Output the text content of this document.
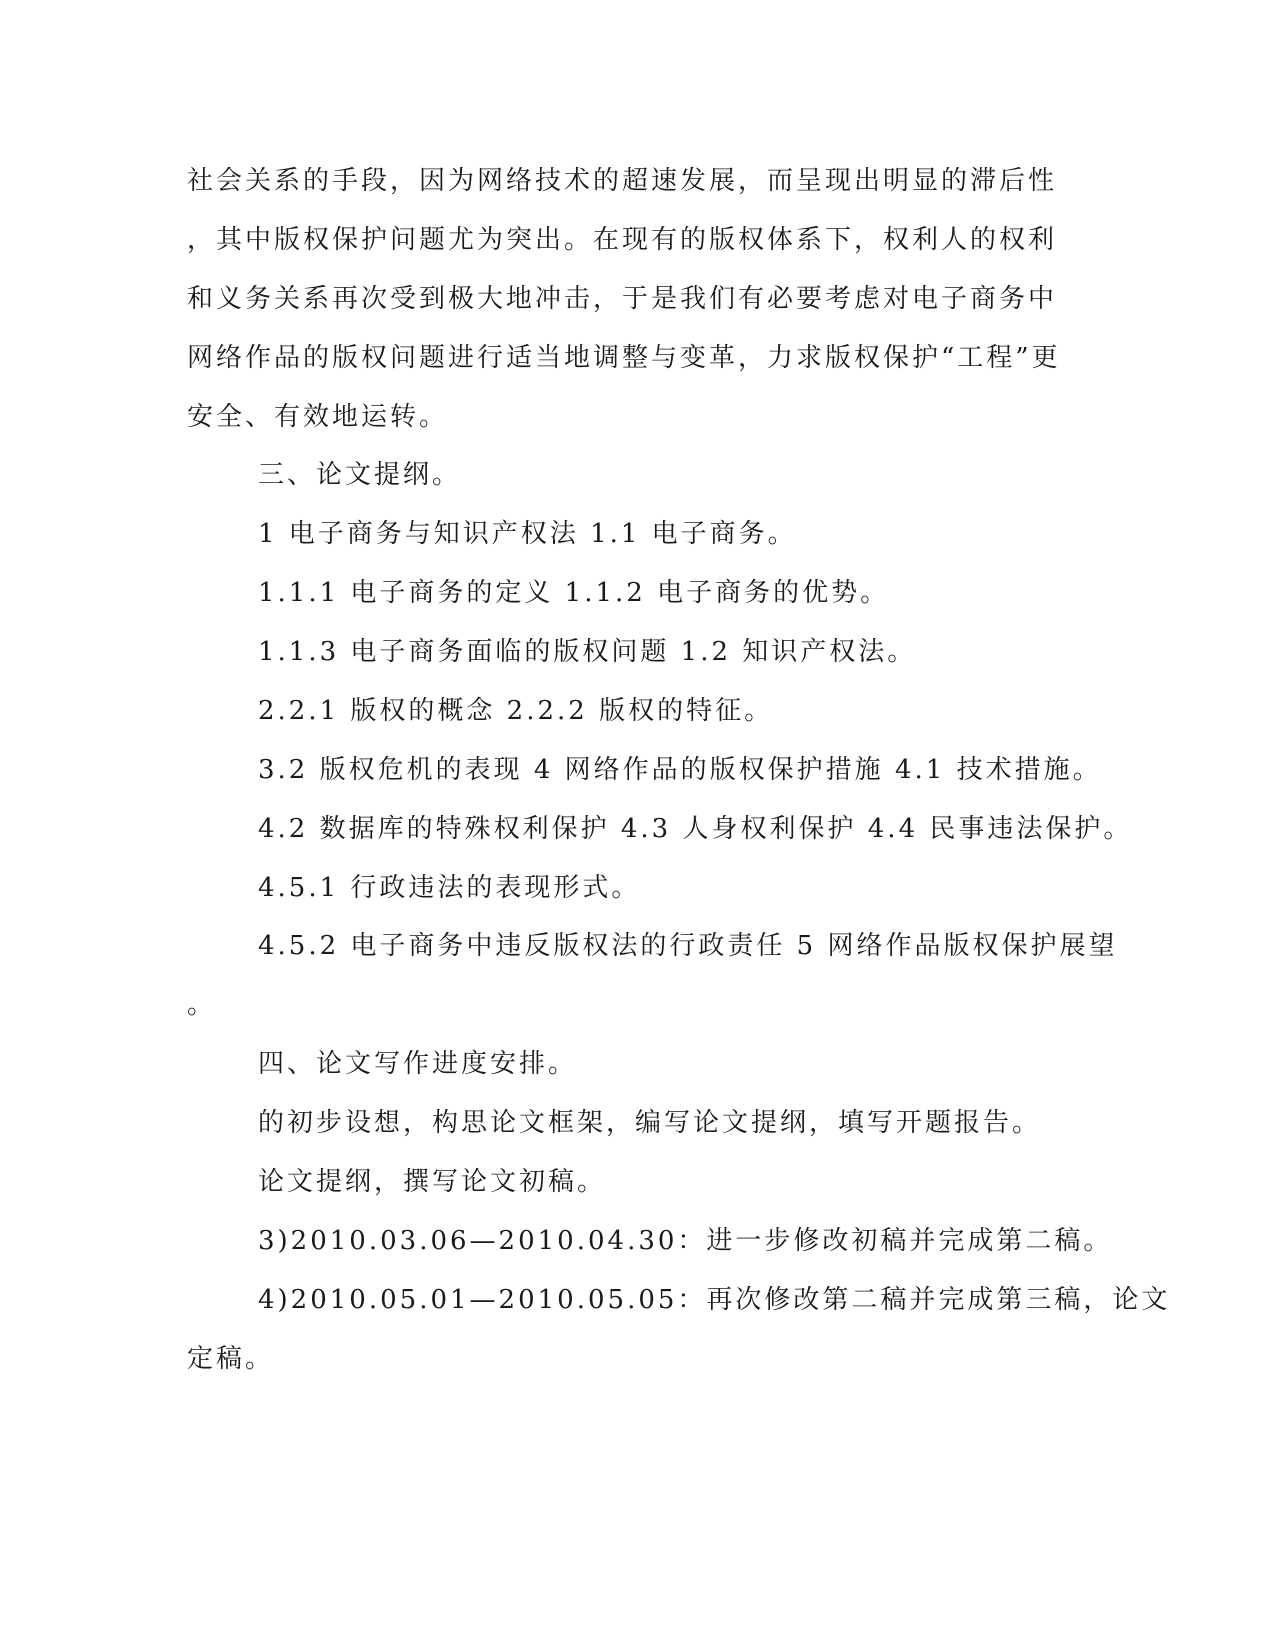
社会关系的手段，因为网络技术的超速发展，而呈现出明显的滞后性
，其中版权保护问题尤为突出。在现有的版权体系下，权利人的权利
和义务关系再次受到极大地冲击，于是我们有必要考虑对电子商务中
网络作品的版权问题进行适当地调整与变革，力求版权保护“工程”更
安全、有效地运转。
三、论文提纲。
1 电子商务与知识产权法 1.1 电子商务。
1.1.1 电子商务的定义 1.1.2 电子商务的优势。
1.1.3 电子商务面临的版权问题 1.2 知识产权法。
2.2.1 版权的概念 2.2.2 版权的特征。
3.2 版权危机的表现 4 网络作品的版权保护措施 4.1 技术措施。
4.2 数据库的特殊权利保护 4.3 人身权利保护 4.4 民事违法保护。
4.5.1 行政违法的表现形式。
4.5.2 电子商务中违反版权法的行政责任 5 网络作品版权保护展望
。
四、论文写作进度安排。
的初步设想，构思论文框架，编写论文提纲，填写开题报告。
论文提纲，撰写论文初稿。
3)2010.03.06—2010.04.30：进一步修改初稿并完成第二稿。
4)2010.05.01—2010.05.05：再次修改第二稿并完成第三稿，论文
定稿。
